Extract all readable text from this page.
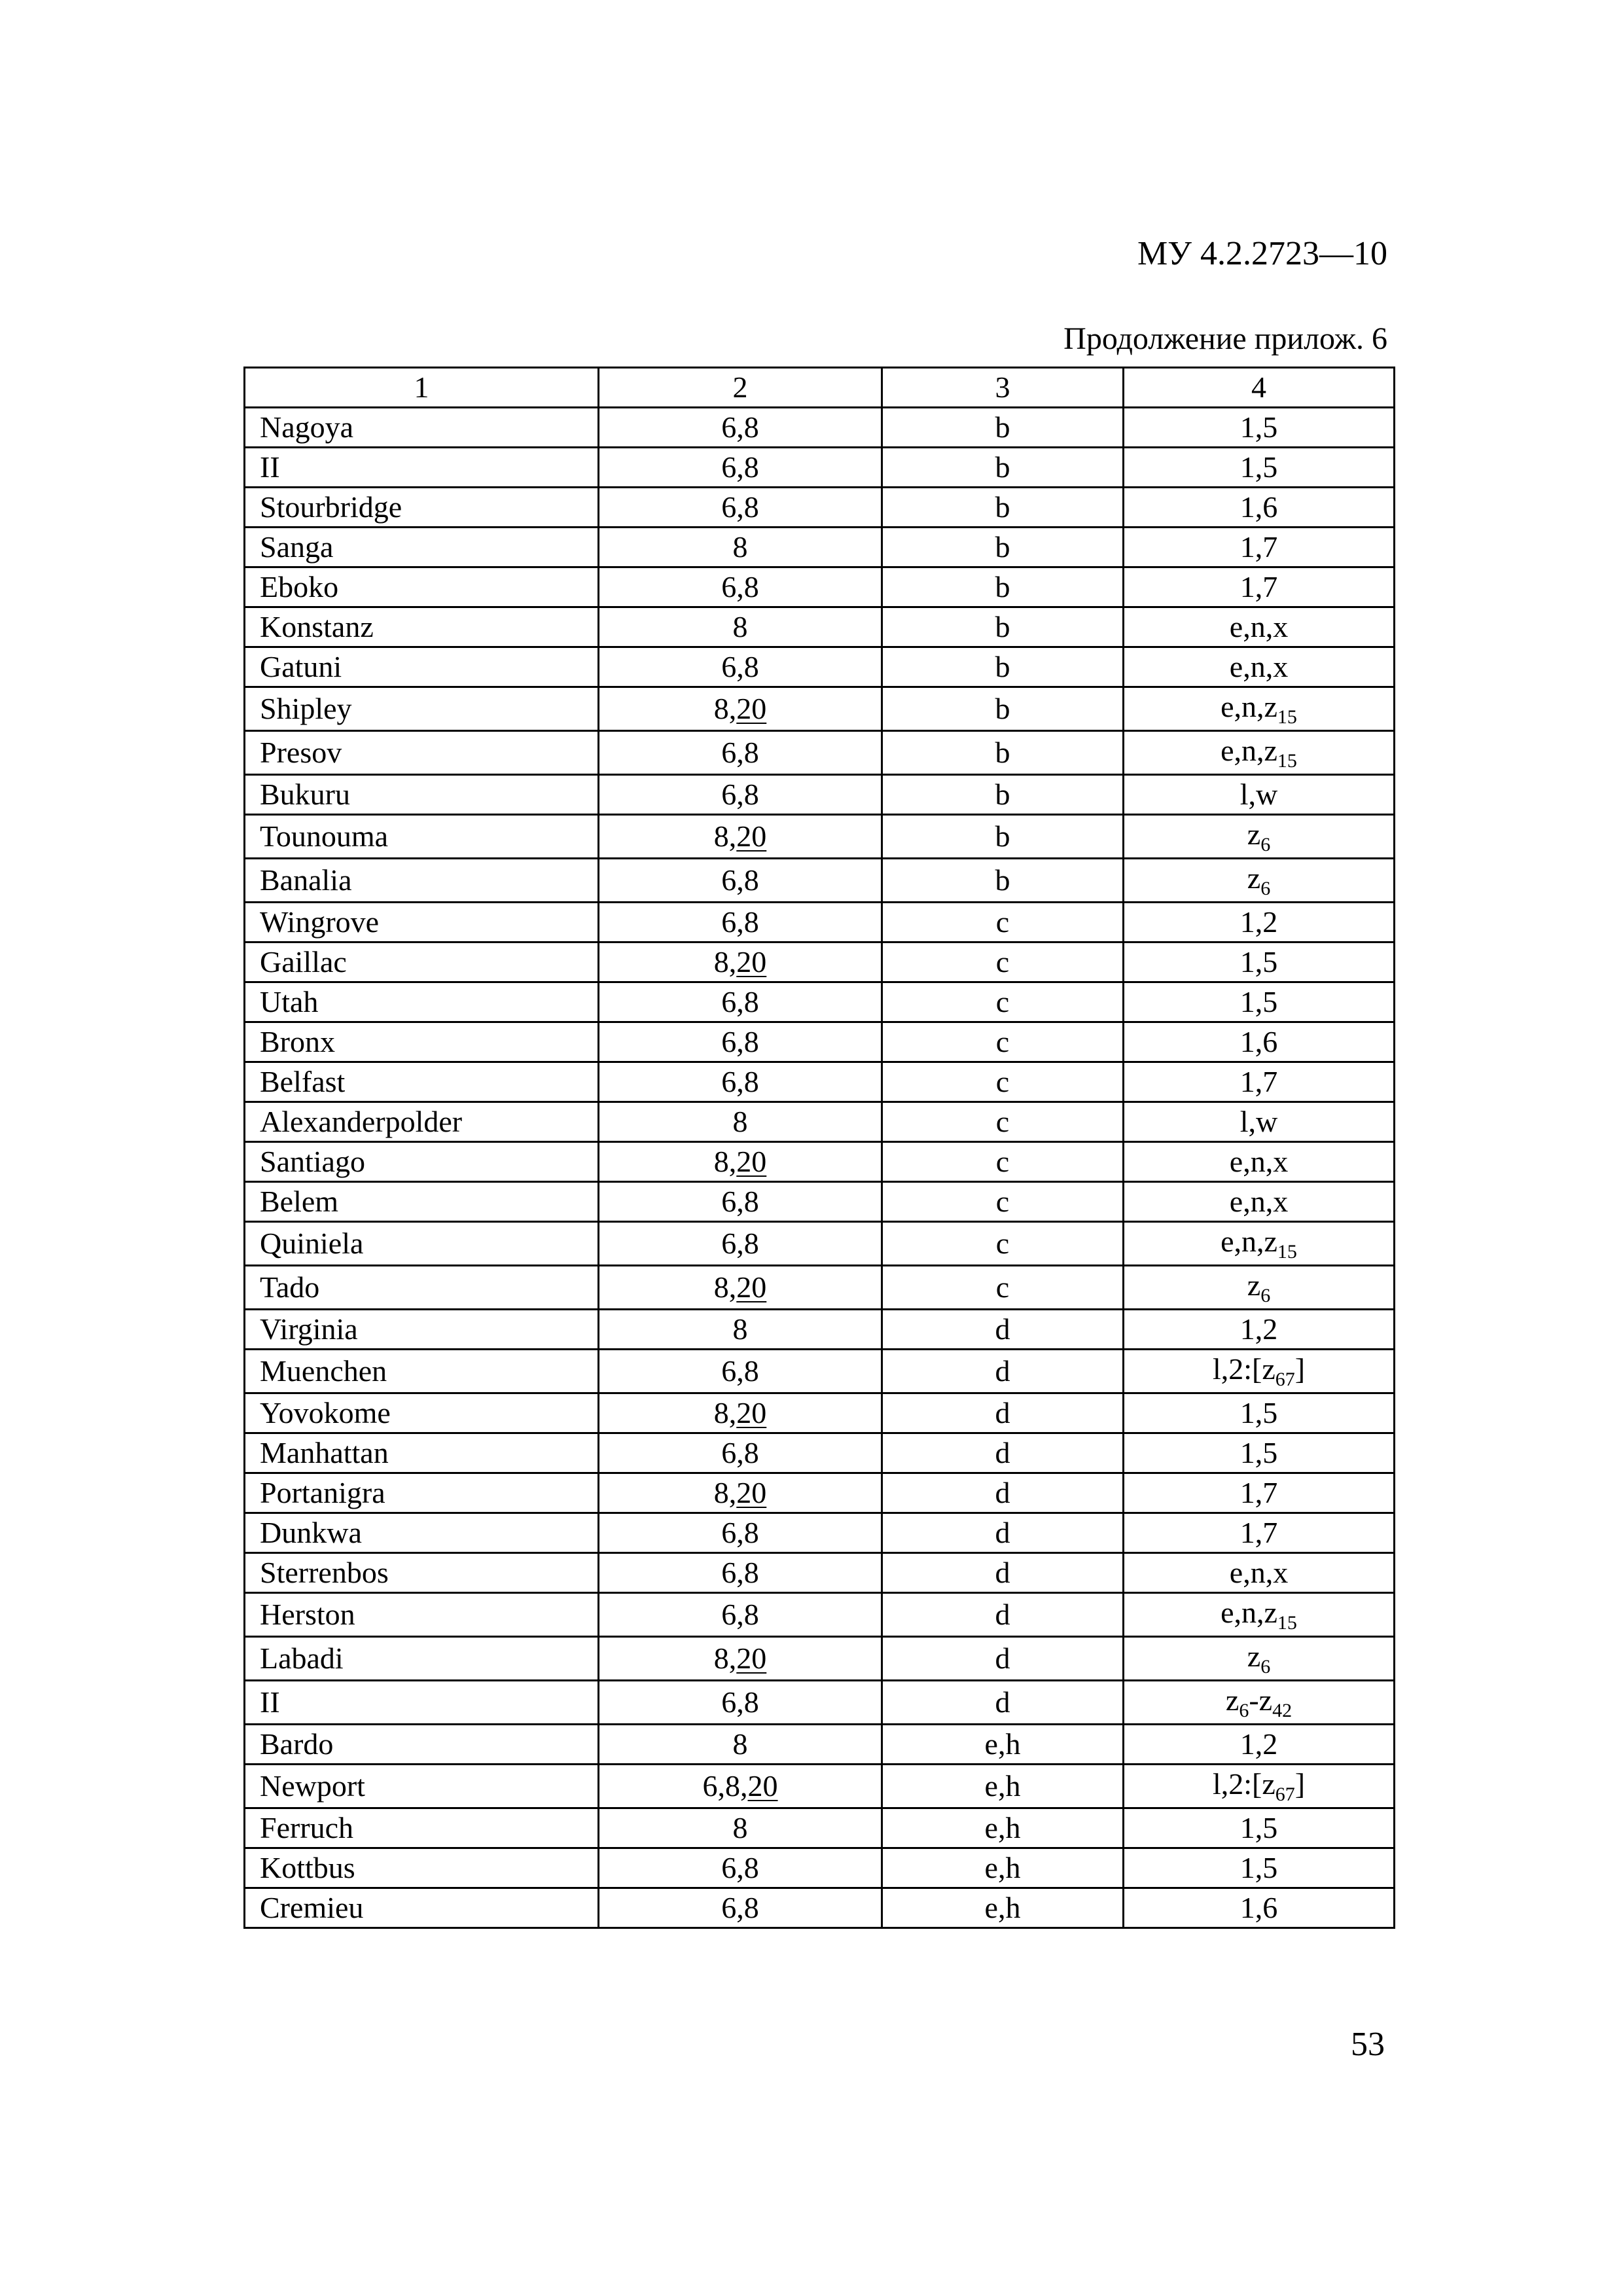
МУ 4.2.2723—10
Продолжение прилож. 6
1	2	3	4
Nagoya	6,8	b	1,5
II	6,8	b	1,5
Stourbridge	6,8	b	1,6
Sanga	8	b	1,7
Eboko	6,8	b	1,7
Konstanz	8	b	e,n,x
Gatuni	6,8	b	e,n,x
Shipley	8,20	b	$e,n,z_{15}$
Presov	6,8	b	$e,n,z_{15}$
Bukuru	6,8	b	l,w
Tounouma	8,20	b	$z_6$
Banalia	6,8	b	$z_6$
Wingrove	6,8	c	1,2
Gaillac	8,20	c	1,5
Utah	6,8	c	1,5
Bronx	6,8	c	1,6
Belfast	6,8	c	1,7
Alexanderpolder	8	c	l,w
Santiago	8,20	c	e,n,x
Belem	6,8	c	e,n,x
Quiniela	6,8	c	$e,n,z_{15}$
Tado	8,20	c	$z_6$
Virginia	8	d	1,2
Muenchen	6,8	d	$l,2:[z_{67}]$
Yovokome	8,20	d	1,5
Manhattan	6,8	d	1,5
Portanigra	8,20	d	1,7
Dunkwa	6,8	d	1,7
Sterrenbos	6,8	d	e,n,x
Herston	6,8	d	$e,n,z_{15}$
Labadi	8,20	d	$z_6$
II	6,8	d	$z_6-z_{42}$
Bardo	8	e,h	1,2
Newport	6,8,20	e,h	$l,2:[z_{67}]$
Ferruch	8	e,h	1,5
Kottbus	6,8	e,h	1,5
Cremieu	6,8	e,h	1,6
53
